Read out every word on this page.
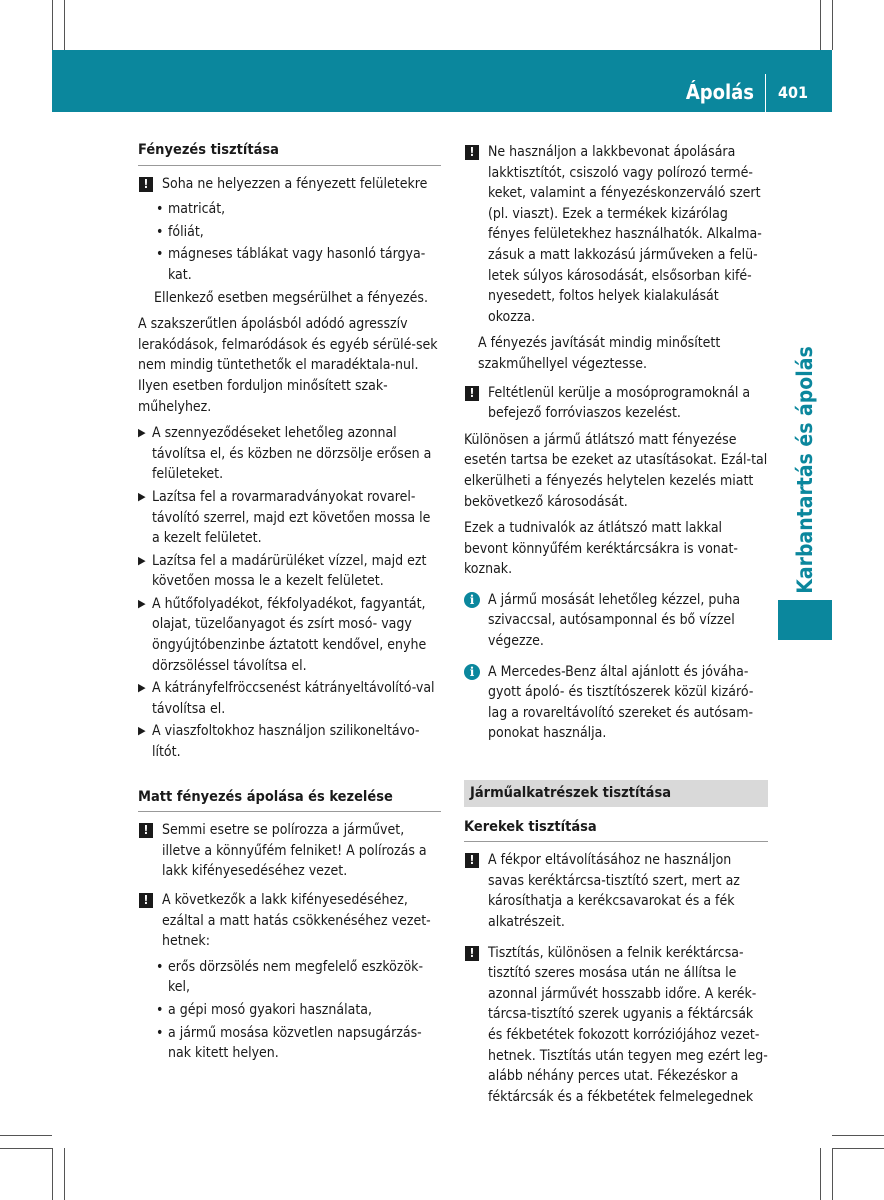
Ápolás 401
Karbantartás és ápolás

Fényezés tisztítása

! Soha ne helyezzen a fényezett felületekre

• matricát,

• fóliát,

• mágneses táblákat vagy hasonló tárgya-kat.

Ellenkező esetben megsérülhet a fényezés.

A szakszerűtlen ápolásból adódó agresszív lerakódások, felmaródások és egyéb sérülé-sek nem mindig tüntethetők el maradéktala-nul. Ilyen esetben forduljon minősített szak-műhelyhez.

▶ A szennyeződéseket lehetőleg azonnal távolítsa el, és közben ne dörzsölje erősen a felületeket.

▶ Lazítsa fel a rovarmaradványokat rovarel-távolító szerrel, majd ezt követően mossa le a kezelt felületet.

▶ Lazítsa fel a madárürüléket vízzel, majd ezt követően mossa le a kezelt felületet.

▶ A hűtőfolyadékot, fékfolyadékot, fagyantát, olajat, tüzelőanyagot és zsírt mosó- vagy öngyújtóbenzinbe áztatott kendővel, enyhe dörzsöléssel távolítsa el.

▶ A kátrányfelfröccsenést kátrányeltávolító-val távolítsa el.

▶ A viaszfoltokhoz használjon szilikoneltávo-lítót.

Matt fényezés ápolása és kezelése

! Semmi esetre se polírozza a járművet, illetve a könnyűfém felniket! A polírozás a lakk kifényesedéséhez vezet.

! A következők a lakk kifényesedéséhez, ezáltal a matt hatás csökkenéséhez vezet-hetnek:

• erős dörzsölés nem megfelelő eszközök-kel,

• a gépi mosó gyakori használata,

• a jármű mosása közvetlen napsugárzás-nak kitett helyen.

! Ne használjon a lakkbevonat ápolására lakktisztítót, csiszoló vagy polírozó termé-keket, valamint a fényezéskonzerváló szert (pl. viaszt). Ezek a termékek kizárólag fényes felületekhez használhatók. Alkalma-zásuk a matt lakkozású járműveken a felü-letek súlyos károsodását, elsősorban kifé-nyesedett, foltos helyek kialakulását okozza.

A fényezés javítását mindig minősített szakműhellyel végeztesse.

! Feltétlenül kerülje a mosóprogramoknál a befejező forróviaszos kezelést.

Különösen a jármű átlátszó matt fényezése esetén tartsa be ezeket az utasításokat. Ezál-tal elkerülheti a fényezés helytelen kezelés miatt bekövetkező károsodását.

Ezek a tudnivalók az átlátszó matt lakkal bevont könnyűfém keréktárcsákra is vonat-koznak.

i A jármű mosását lehetőleg kézzel, puha szivaccsal, autósamponnal és bő vízzel végezze.

i A Mercedes-Benz által ajánlott és jóváha-gyott ápoló- és tisztítószerek közül kizáró-lag a rovareltávolító szereket és autósam-ponokat használja.

Járműalkatrészek tisztítása

Kerekek tisztítása

! A fékpor eltávolításához ne használjon savas keréktárcsa-tisztító szert, mert az károsíthatja a kerékcsavarokat és a fék alkatrészeit.

! Tisztítás, különösen a felnik keréktárcsa-tisztító szeres mosása után ne állítsa le azonnal járművét hosszabb időre. A kerék-tárcsa-tisztító szerek ugyanis a féktárcsák és fékbetétek fokozott korróziójához vezet-hetnek. Tisztítás után tegyen meg ezért leg-alább néhány perces utat. Fékezéskor a féktárcsák és a fékbetétek felmelegednek
